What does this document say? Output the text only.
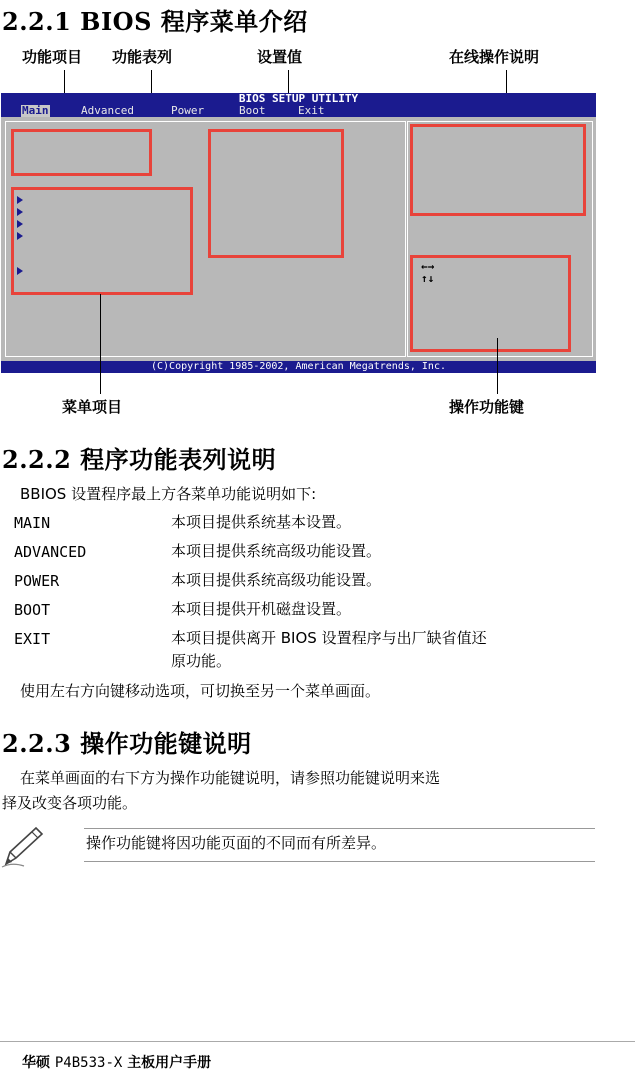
2.2.1 BIOS 程序菜单介绍
功能项目 功能表列	设置值	在线操作说明
BIOS SETUP UTILITY
Main	Advanced	Power	Boot	Exit
←→
↑↓
(C)Copyright 1985-2002, American Megatrends, Inc.
菜单项目	操作功能键
2.2.2 程序功能表列说明
BBIOS 设置程序最上方各菜单功能说明如下:
MAIN	本项目提供系统基本设置。
ADVANCED	本项目提供系统高级功能设置。
POWER	本项目提供系统高级功能设置。
BOOT	本项目提供开机磁盘设置。
EXIT	本项目提供离开 BIOS 设置程序与出厂缺省值还
原功能。
使用左右方向键移动选项，可切换至另一个菜单画面。
2.2.3 操作功能键说明
在菜单画面的右下方为操作功能键说明，请参照功能键说明来选
择及改变各项功能。
操作功能键将因功能页面的不同而有所差异。
华硕 P4B533-X 主板用户手册
